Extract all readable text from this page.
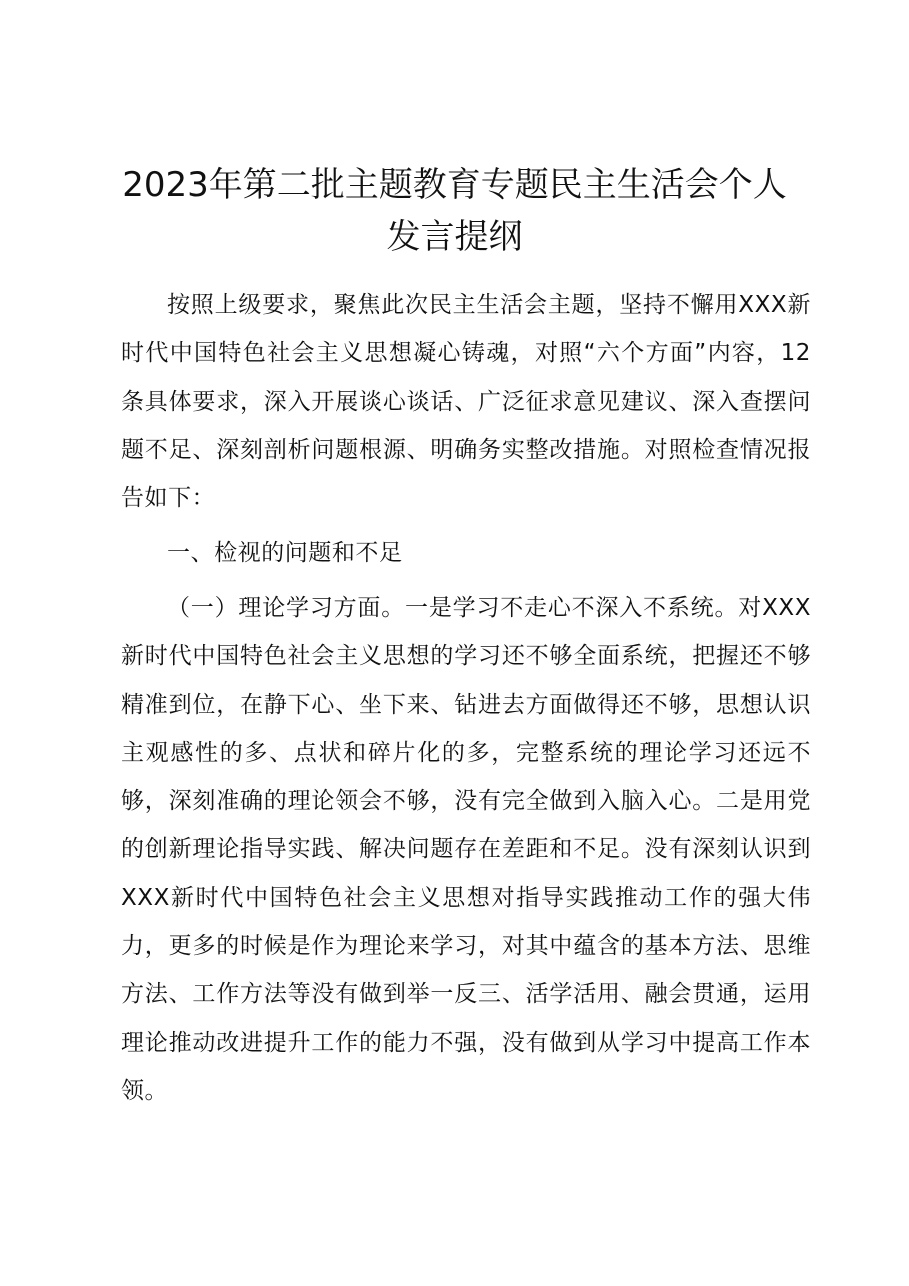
2023年第二批主题教育专题民主生活会个人
发言提纲

按照上级要求，聚焦此次民主生活会主题，坚持不懈用XXX新时代中国特色社会主义思想凝心铸魂，对照“六个方面”内容，12条具体要求，深入开展谈心谈话、广泛征求意见建议、深入查摆问题不足、深刻剖析问题根源、明确务实整改措施。对照检查情况报告如下：

一、检视的问题和不足

（一）理论学习方面。一是学习不走心不深入不系统。对XXX新时代中国特色社会主义思想的学习还不够全面系统，把握还不够精准到位，在静下心、坐下来、钻进去方面做得还不够，思想认识主观感性的多、点状和碎片化的多，完整系统的理论学习还远不够，深刻准确的理论领会不够，没有完全做到入脑入心。二是用党的创新理论指导实践、解决问题存在差距和不足。没有深刻认识到XXX新时代中国特色社会主义思想对指导实践推动工作的强大伟力，更多的时候是作为理论来学习，对其中蕴含的基本方法、思维方法、工作方法等没有做到举一反三、活学活用、融会贯通，运用理论推动改进提升工作的能力不强，没有做到从学习中提高工作本领。
